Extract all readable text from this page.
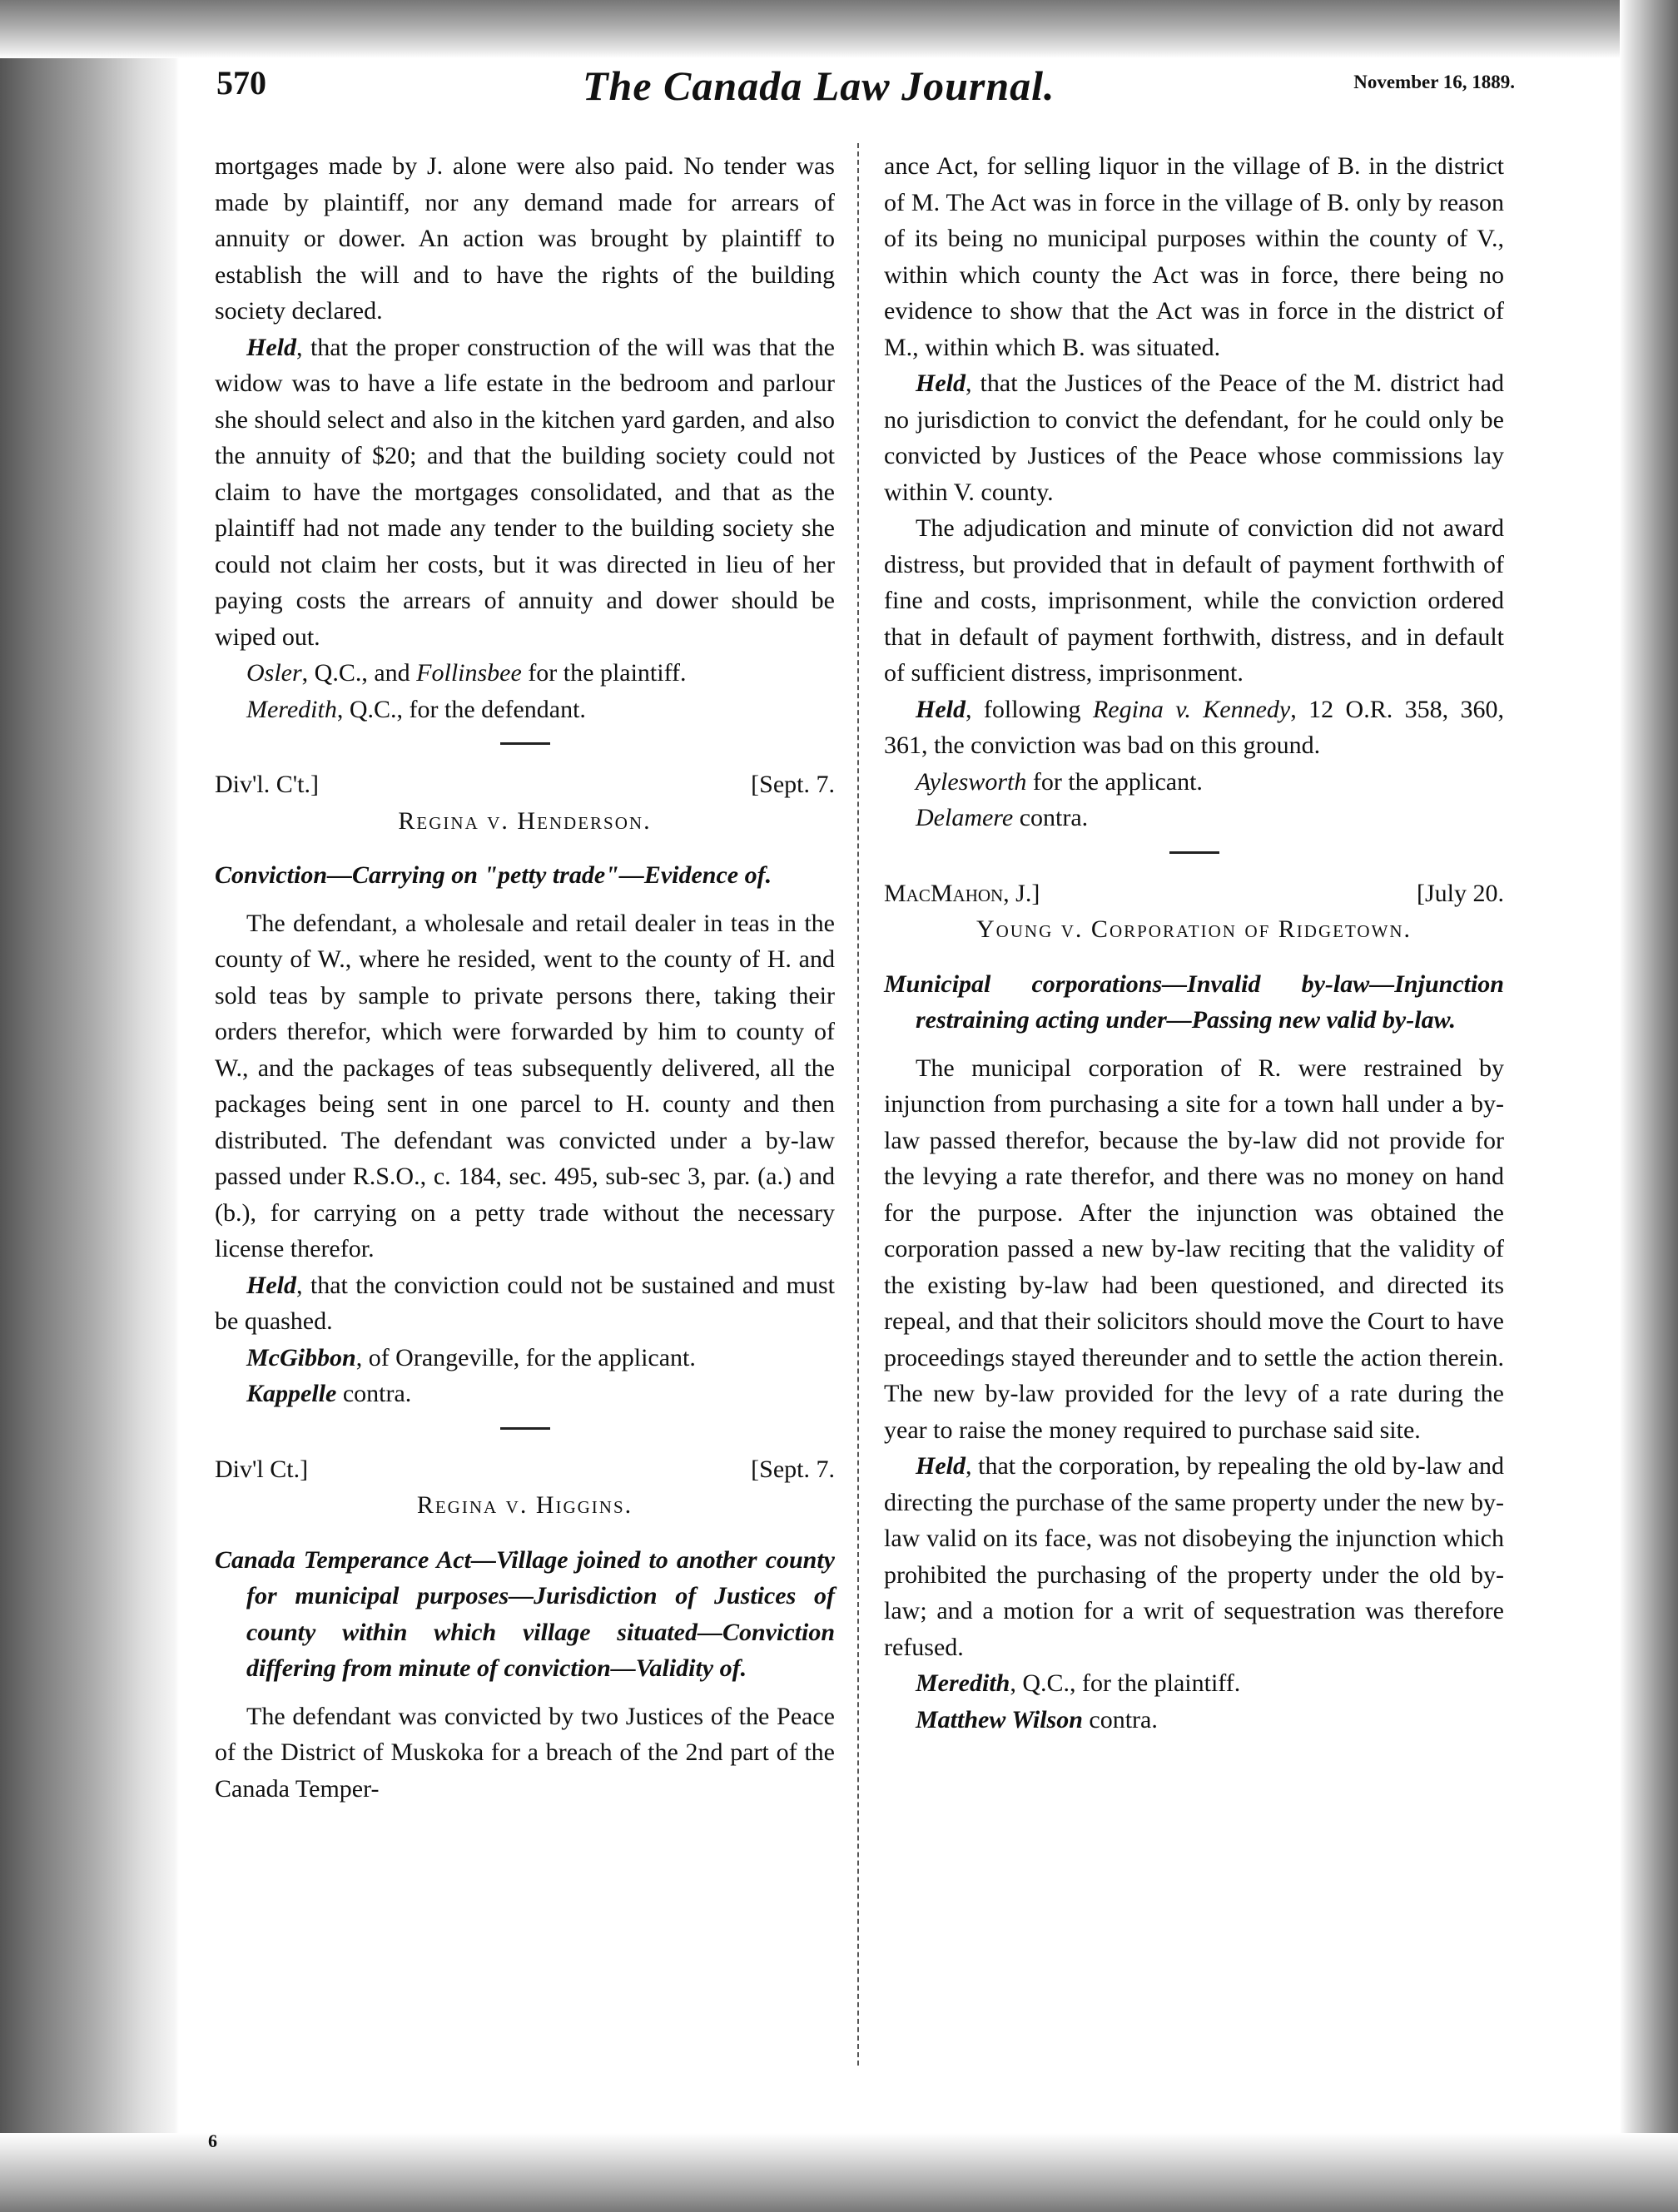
570	The Canada Law Journal.	November 16, 1889.

mortgages made by J. alone were also paid. No tender was made by plaintiff, nor any demand made for arrears of annuity or dower. An action was brought by plaintiff to establish the will and to have the rights of the building society declared.

Held, that the proper construction of the will was that the widow was to have a life estate in the bedroom and parlour she should select and also in the kitchen yard garden, and also the annuity of $20; and that the building society could not claim to have the mortgages consolidated, and that as the plaintiff had not made any tender to the building society she could not claim her costs, but it was directed in lieu of her paying costs the arrears of annuity and dower should be wiped out.

Osler, Q.C., and Follinsbee for the plaintiff.

Meredith, Q.C., for the defendant.

Div'l. C't.]	[Sept. 7.

Regina v. Henderson.

Conviction—Carrying on "petty trade"—Evidence of.

The defendant, a wholesale and retail dealer in teas in the county of W., where he resided, went to the county of H. and sold teas by sample to private persons there, taking their orders therefor, which were forwarded by him to county of W., and the packages of teas subsequently delivered, all the packages being sent in one parcel to H. county and then distributed. The defendant was convicted under a by-law passed under R.S.O., c. 184, sec. 495, sub-sec 3, par. (a.) and (b.), for carrying on a petty trade without the necessary license therefor.

Held, that the conviction could not be sustained and must be quashed.

McGibbon, of Orangeville, for the applicant.

Kappelle contra.

Div'l Ct.]	[Sept. 7.

Regina v. Higgins.

Canada Temperance Act—Village joined to another county for municipal purposes—Jurisdiction of Justices of county within which village situated—Conviction differing from minute of conviction—Validity of.

The defendant was convicted by two Justices of the Peace of the District of Muskoka for a breach of the 2nd part of the Canada Temper-

ance Act, for selling liquor in the village of B. in the district of M. The Act was in force in the village of B. only by reason of its being no municipal purposes within the county of V., within which county the Act was in force, there being no evidence to show that the Act was in force in the district of M., within which B. was situated.

Held, that the Justices of the Peace of the M. district had no jurisdiction to convict the defendant, for he could only be convicted by Justices of the Peace whose commissions lay within V. county.

The adjudication and minute of conviction did not award distress, but provided that in default of payment forthwith of fine and costs, imprisonment, while the conviction ordered that in default of payment forthwith, distress, and in default of sufficient distress, imprisonment.

Held, following Regina v. Kennedy, 12 O.R. 358, 360, 361, the conviction was bad on this ground.

Aylesworth for the applicant.

Delamere contra.

MacMahon, J.]	[July 20.

Young v. Corporation of Ridgetown.

Municipal corporations—Invalid by-law—Injunction restraining acting under—Passing new valid by-law.

The municipal corporation of R. were restrained by injunction from purchasing a site for a town hall under a by-law passed therefor, because the by-law did not provide for the levying a rate therefor, and there was no money on hand for the purpose. After the injunction was obtained the corporation passed a new by-law reciting that the validity of the existing by-law had been questioned, and directed its repeal, and that their solicitors should move the Court to have proceedings stayed thereunder and to settle the action therein. The new by-law provided for the levy of a rate during the year to raise the money required to purchase said site.

Held, that the corporation, by repealing the old by-law and directing the purchase of the same property under the new by-law valid on its face, was not disobeying the injunction which prohibited the purchasing of the property under the old by-law; and a motion for a writ of sequestration was therefore refused.

Meredith, Q.C., for the plaintiff.

Matthew Wilson contra.

6
